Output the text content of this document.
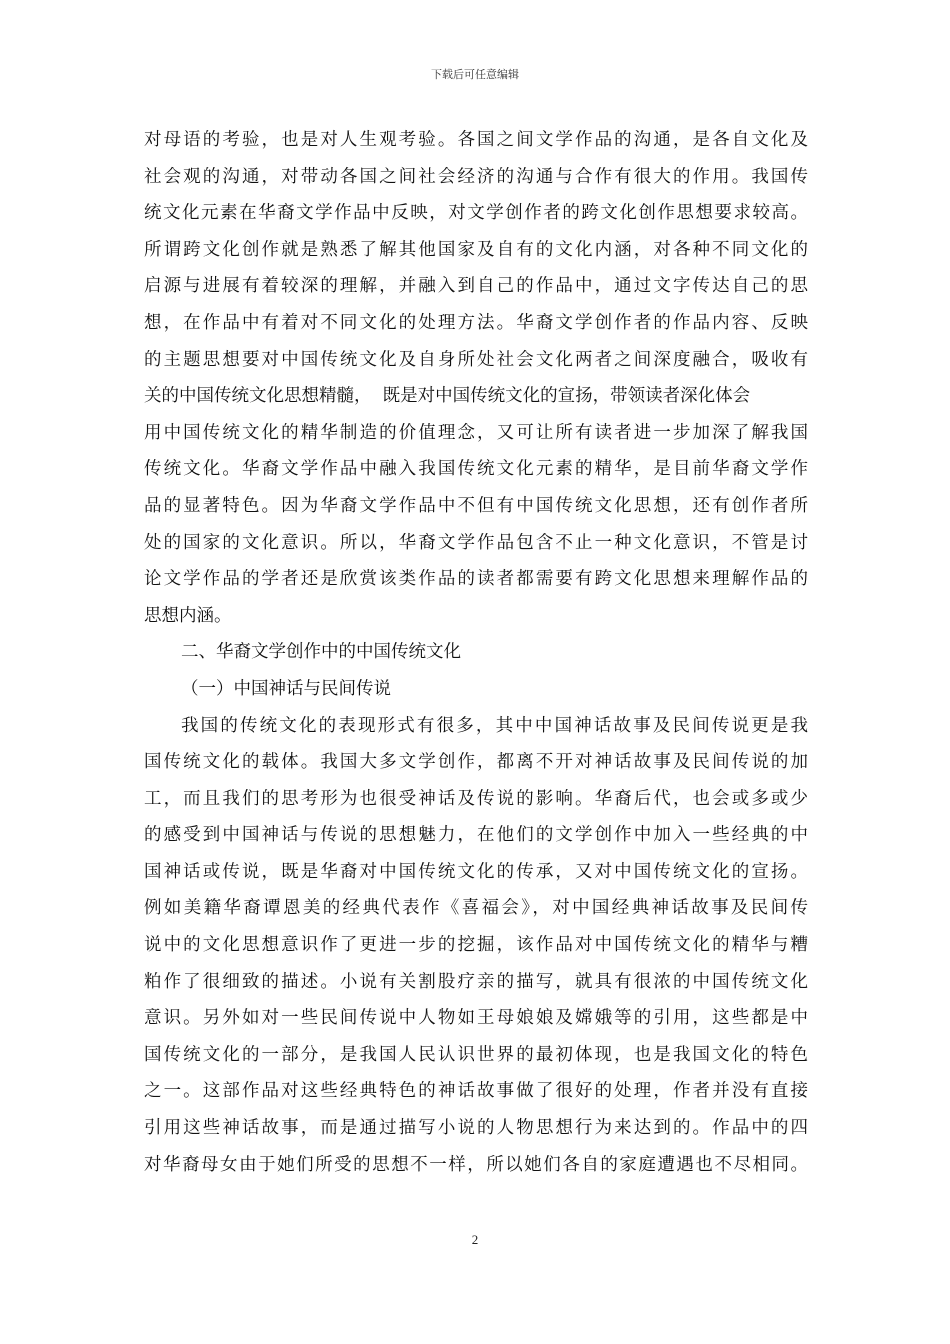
下载后可任意编辑
对母语的考验，也是对人生观考验。各国之间文学作品的沟通，是各自文化及
社会观的沟通，对带动各国之间社会经济的沟通与合作有很大的作用。我国传
统文化元素在华裔文学作品中反映，对文学创作者的跨文化创作思想要求较高。
所谓跨文化创作就是熟悉了解其他国家及自有的文化内涵，对各种不同文化的
启源与进展有着较深的理解，并融入到自己的作品中，通过文字传达自己的思
想，在作品中有着对不同文化的处理方法。华裔文学创作者的作品内容、反映
的主题思想要对中国传统文化及自身所处社会文化两者之间深度融合，吸收有
关的中国传统文化思想精髓，  既是对中国传统文化的宣扬，带领读者深化体会
用中国传统文化的精华制造的价值理念，又可让所有读者进一步加深了解我国
传统文化。华裔文学作品中融入我国传统文化元素的精华，是目前华裔文学作
品的显著特色。因为华裔文学作品中不但有中国传统文化思想，还有创作者所
处的国家的文化意识。所以，华裔文学作品包含不止一种文化意识，不管是讨
论文学作品的学者还是欣赏该类作品的读者都需要有跨文化思想来理解作品的
思想内涵。
二、华裔文学创作中的中国传统文化
（一）中国神话与民间传说
我国的传统文化的表现形式有很多，其中中国神话故事及民间传说更是我
国传统文化的载体。我国大多文学创作，都离不开对神话故事及民间传说的加
工，而且我们的思考形为也很受神话及传说的影响。华裔后代，也会或多或少
的感受到中国神话与传说的思想魅力，在他们的文学创作中加入一些经典的中
国神话或传说，既是华裔对中国传统文化的传承，又对中国传统文化的宣扬。
例如美籍华裔谭恩美的经典代表作《喜福会》，对中国经典神话故事及民间传
说中的文化思想意识作了更进一步的挖掘，该作品对中国传统文化的精华与糟
粕作了很细致的描述。小说有关割股疗亲的描写，就具有很浓的中国传统文化
意识。另外如对一些民间传说中人物如王母娘娘及嫦娥等的引用，这些都是中
国传统文化的一部分，是我国人民认识世界的最初体现，也是我国文化的特色
之一。这部作品对这些经典特色的神话故事做了很好的处理，作者并没有直接
引用这些神话故事，而是通过描写小说的人物思想行为来达到的。作品中的四
对华裔母女由于她们所受的思想不一样，所以她们各自的家庭遭遇也不尽相同。
2
